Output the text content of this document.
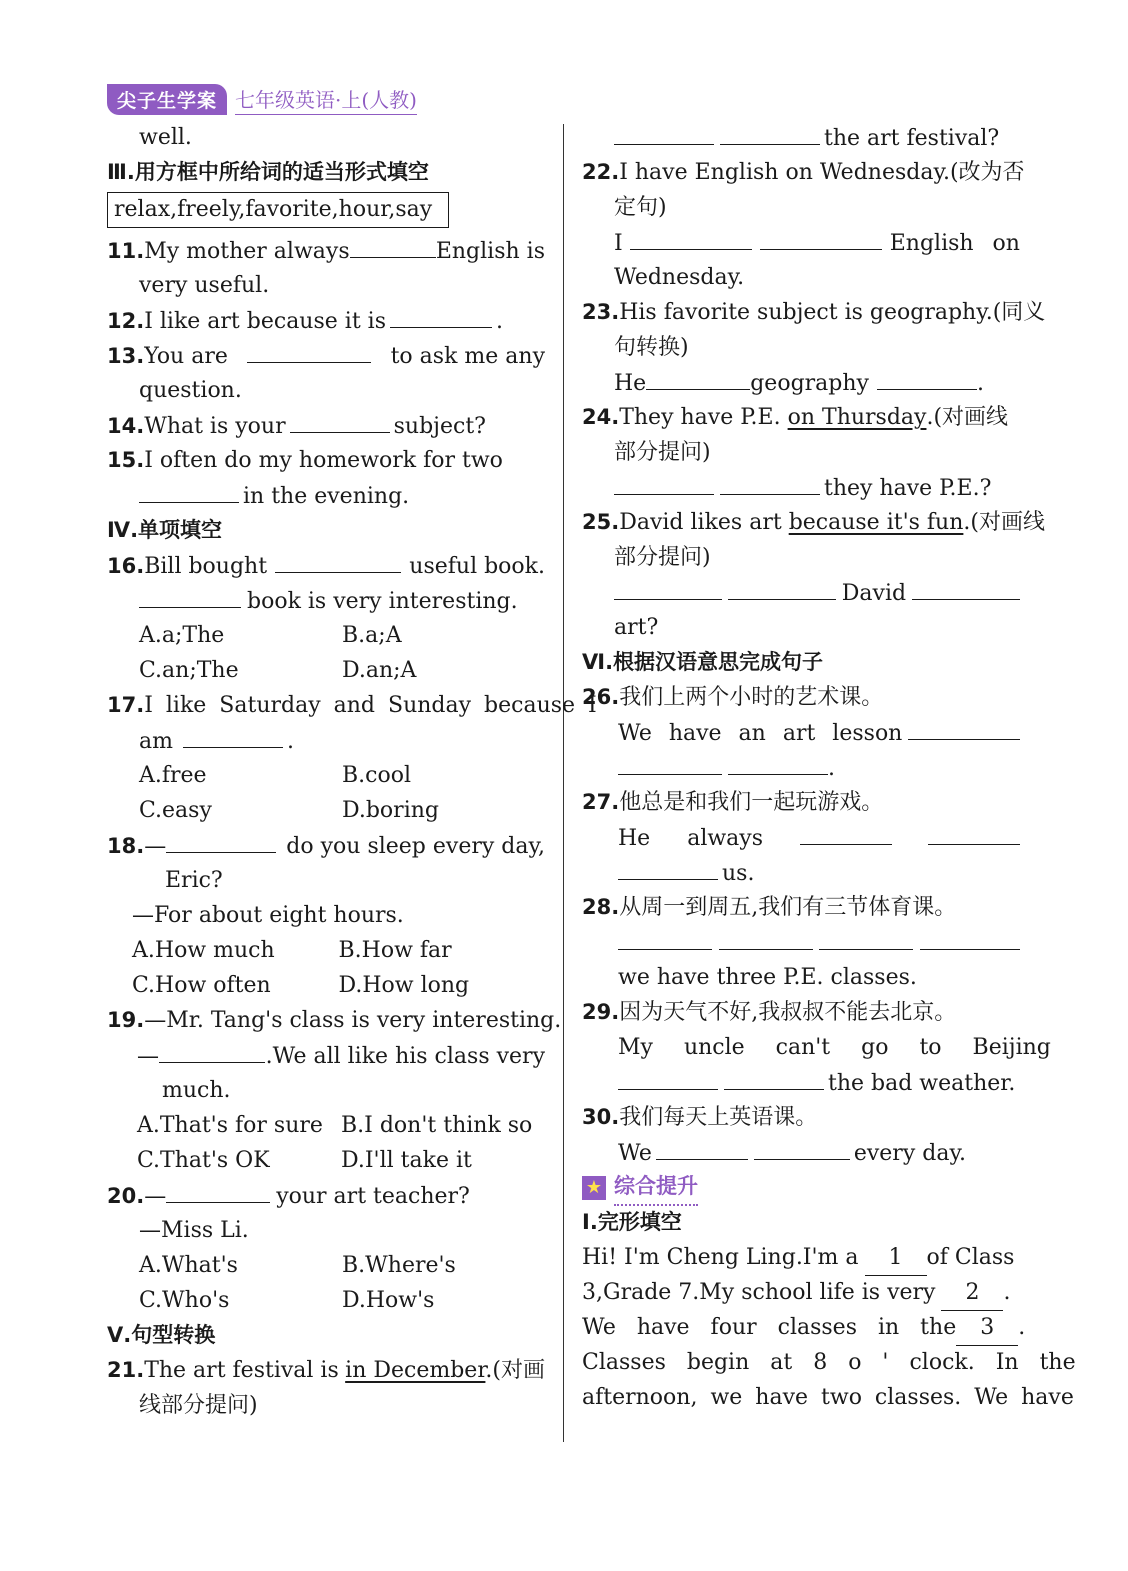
尖子生学案 七年级英语·上(人教)
well.
Ⅲ.用方框中所给词的适当形式填空
relax,freely,favorite,hour,say
11.My mother always	English is
very useful.
12. I like art because it is	.
13.You are	to ask me any
question.
14. What is your	subject?
15. I often do my homework for two
in the evening.
Ⅳ.单项填空
16.Bill bought	useful book.
book is very interesting.
A.a;The	B.a;A
C.an;The	D.an;A
17. I like Saturday and Sunday because I
am	.
A.free	B.cool
C.easy	D.boring
18.—	do you sleep every day,
Eric?
—For about eight hours.
A.How much	B.How far
C.How often	D.How long
19. —Mr. Tang's class is very interesting.
—	.We all like his class very
much.
A.That's for sure B.I don't think so
C.That's OK	D.I'll take it
20. —	your art teacher?
—Miss Li.
A.What's	B.Where's
C.Who's	D.How's
Ⅴ.句型转换
21.The art festival is in December.(对画
线部分提问)
the art festival?
22. I have English on Wednesday.(改为否
定句)
I	English on
Wednesday.
23. His favorite subject is geography.(同义
句转换)
He	geography	.
24. They have P.E.
on Thursday .(对画线
部分提问)
they have P.E.?
25. David likes art
because it's fun .(对画线
部分提问)
David
art?
Ⅵ.根据汉语意思完成句子
26. 我们上两个小时的艺术课。
We have an art lesson
.
27. 他总是和我们一起玩游戏。
He always
us.
28. 从周一到周五,我们有三节体育课。
we have three P.E. classes.
29. 因为天气不好,我叔叔不能去北京。
My uncle can't go to Beijing
the bad weather.
30. 我们每天上英语课。
We	every day.
★ 综合提升
Ⅰ.完形填空
Hi! I'm Cheng Ling.I'm a	1	of Class
3,Grade 7.My school life is very	2	.
We have four classes in the	3 .
Classes begin at 8 o ' clock. In the
afternoon, we have two classes. We have
